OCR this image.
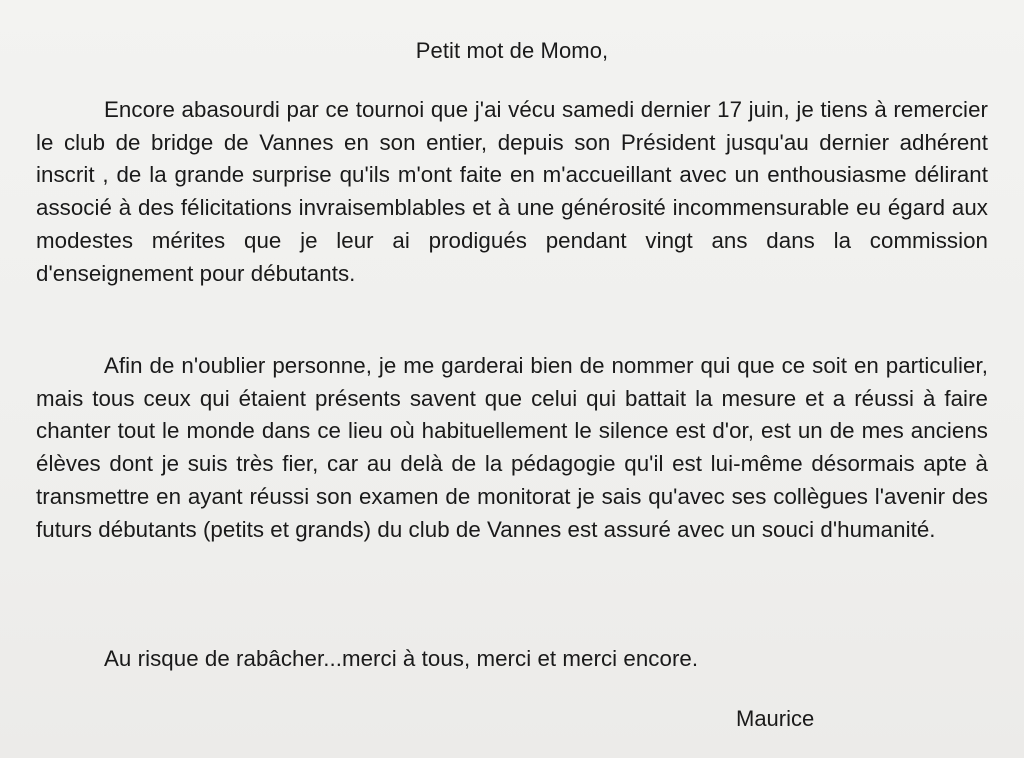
Petit mot de Momo,

Encore abasourdi par ce tournoi que j'ai vécu samedi dernier 17 juin, je tiens à remercier le club de bridge de Vannes en son entier, depuis son Président jusqu'au dernier adhérent inscrit , de la grande surprise qu'ils m'ont faite en m'accueillant avec un enthousiasme délirant associé à des félicitations invraisemblables et à une générosité incommensurable eu égard aux modestes mérites que je leur ai prodigués pendant vingt ans dans la commission d'enseignement pour débutants.

Afin de n'oublier personne, je me garderai bien de nommer qui que ce soit en particulier, mais tous ceux qui étaient présents savent que celui qui battait la mesure et a réussi à faire chanter tout le monde dans ce lieu où habituellement le silence est d'or, est un de mes anciens élèves dont je suis très fier, car au delà de la pédagogie qu'il est lui-même désormais apte à transmettre en ayant réussi son examen de monitorat je sais qu'avec ses collègues l'avenir des futurs débutants (petits et grands) du club de Vannes est assuré avec un souci d'humanité.

Au risque de rabâcher...merci à tous, merci et merci encore.

Maurice
